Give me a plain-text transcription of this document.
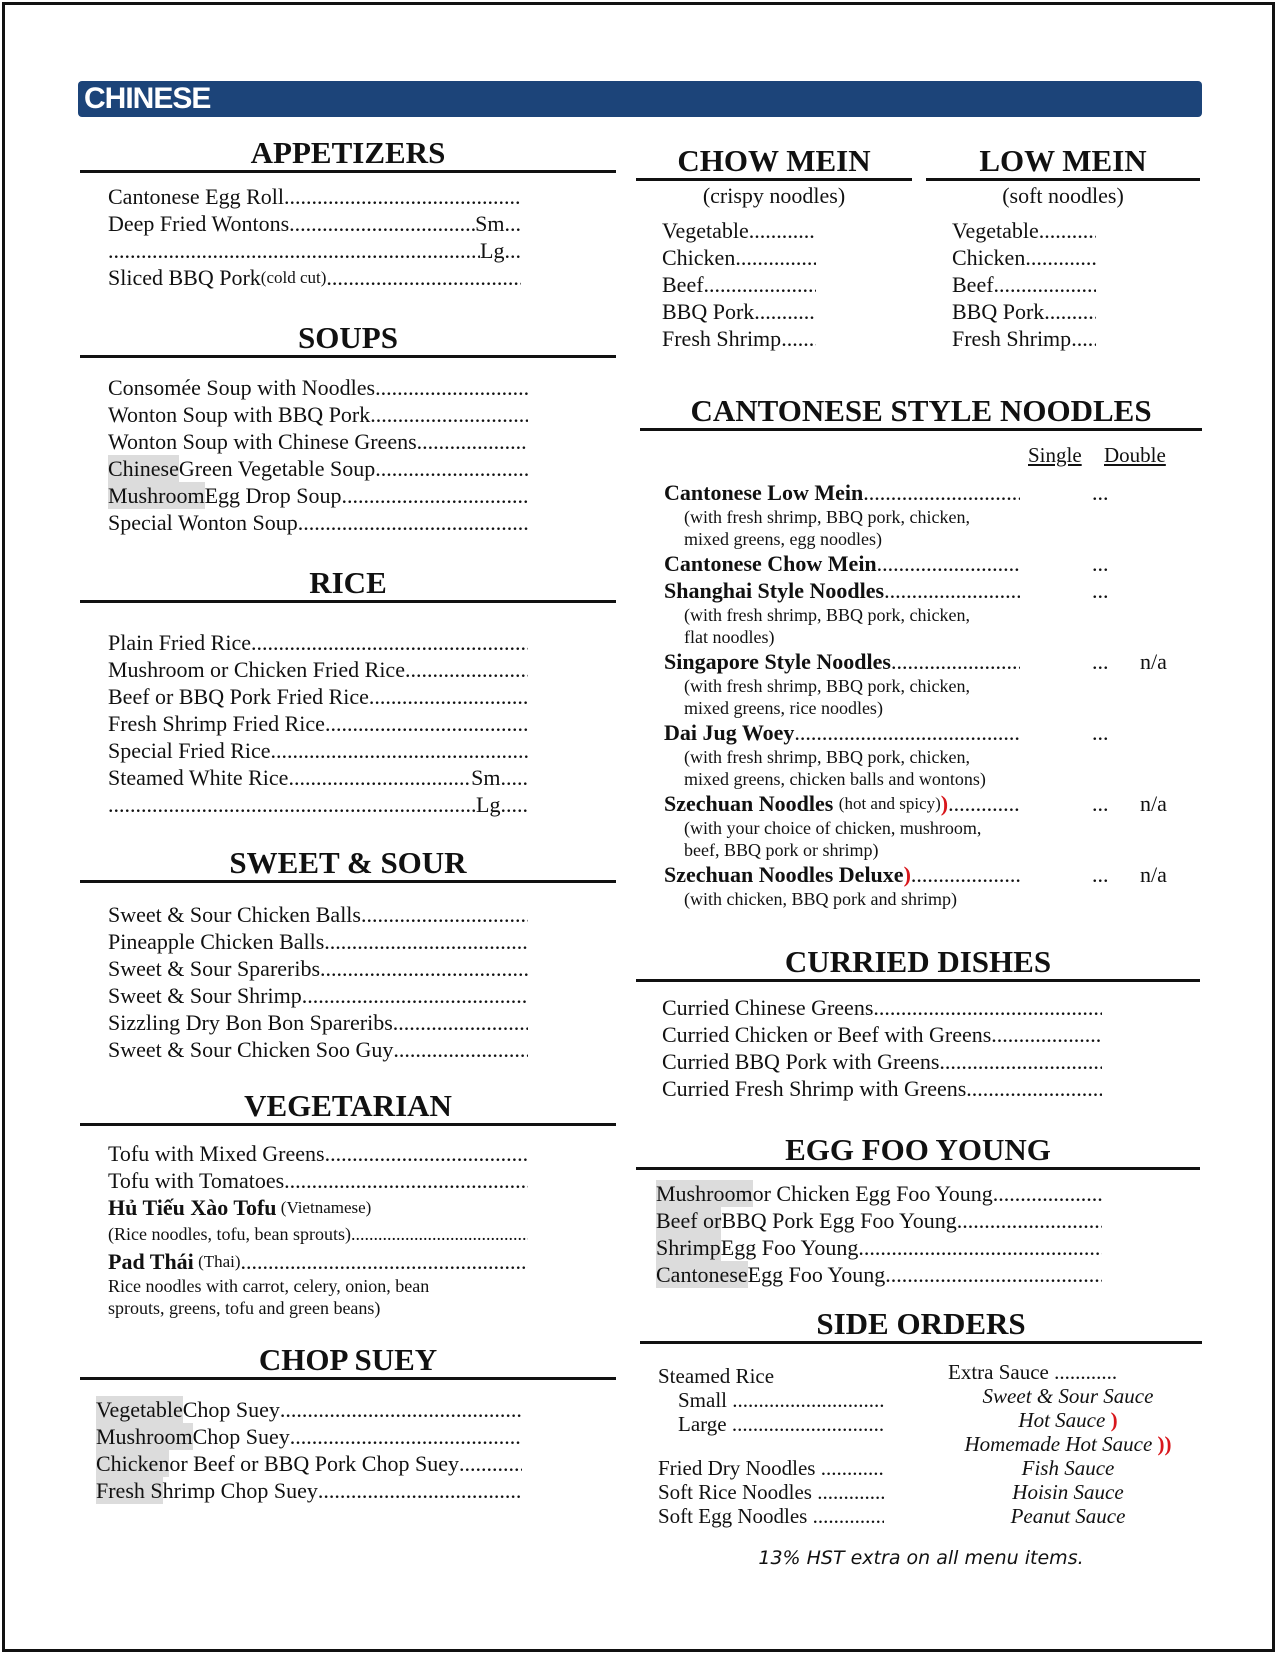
CHINESE
APPETIZERS
Cantonese Egg Roll
.....
Deep Fried Wontons .....	Sm ...
.....
Lg ...
Sliced BBQ Pork (cold cut)
.....
SOUPS
Consomée Soup with Noodles
.....
Wonton Soup with BBQ Pork
.....
Wonton Soup with Chinese Greens
.....
Chinese Green Vegetable Soup
.....
Mushroom Egg Drop Soup
.....
Special Wonton Soup
.....
RICE
Plain Fried Rice
.....
Mushroom or Chicken Fried Rice
.....
Beef or BBQ Pork Fried Rice
.....
Fresh Shrimp Fried Rice
.....
Special Fried Rice
.....
Steamed White Rice .....	Sm .....
.....
Lg .....
SWEET & SOUR
Sweet & Sour Chicken Balls
.....
Pineapple Chicken Balls
.....
Sweet & Sour Spareribs
.....
Sweet & Sour Shrimp
.....
Sizzling Dry Bon Bon Spareribs
.....
Sweet & Sour Chicken Soo Guy
.....
VEGETARIAN
Tofu with Mixed Greens
.....
Tofu with Tomatoes
.....
Hủ Tiếu Xào Tofu
(Vietnamese)
(Rice noodles, tofu, bean sprouts)
.....
Pad Thái
(Thai)
.....
Rice noodles with carrot, celery, onion, bean
sprouts, greens, tofu and green beans)
CHOP SUEY
Vegetable Chop Suey
.....
Mushroom Chop Suey
.....
Chicken or Beef or BBQ Pork Chop Suey
.....
Fresh S hrimp Chop Suey
.....
CHOW MEIN
(crispy noodles)
Vegetable
.....
Chicken
.....
Beef
.....
BBQ Pork
.....
Fresh Shrimp
.....
LOW MEIN
(soft noodles)
Vegetable
.....
Chicken
.....
Beef
.....
BBQ Pork
.....
Fresh Shrimp
.....
CANTONESE STYLE NOODLES
Single Double
Cantonese Low Mein .....	...
(with fresh shrimp, BBQ pork, chicken,
mixed greens, egg noodles)
Cantonese Chow Mein .....	...
Shanghai Style Noodles .....	...
(with fresh shrimp, BBQ pork, chicken,
flat noodles)
Singapore Style Noodles .....	... n/a
(with fresh shrimp, BBQ pork, chicken,
mixed greens, rice noodles)
Dai Jug Woey .....	...
(with fresh shrimp, BBQ pork, chicken,
mixed greens, chicken balls and wontons)
Szechuan Noodles
(hot and spicy) ) .....	... n/a
(with your choice of chicken, mushroom,
beef, BBQ pork or shrimp)
Szechuan Noodles Deluxe ) .....	... n/a
(with chicken, BBQ pork and shrimp)
CURRIED DISHES
Curried Chinese Greens
.....
Curried Chicken or Beef with Greens
.....
Curried BBQ Pork with Greens
.....
Curried Fresh Shrimp with Greens
.....
EGG FOO YOUNG
Mushroom or Chicken Egg Foo Young
.....
Beef or BBQ Pork Egg Foo Young
.....
Shrimp Egg Foo Young
.....
Cantonese Egg Foo Young
.....
SIDE ORDERS
Steamed Rice
Small

.....
Large

.....
Fried Dry Noodles

.....
Soft Rice Noodles

.....
Soft Egg Noodles

.....
Extra Sauce

.....
Sweet & Sour Sauce
Hot Sauce )
Homemade Hot Sauce ))
Fish Sauce
Hoisin Sauce
Peanut Sauce
13% HST extra on all menu items.
